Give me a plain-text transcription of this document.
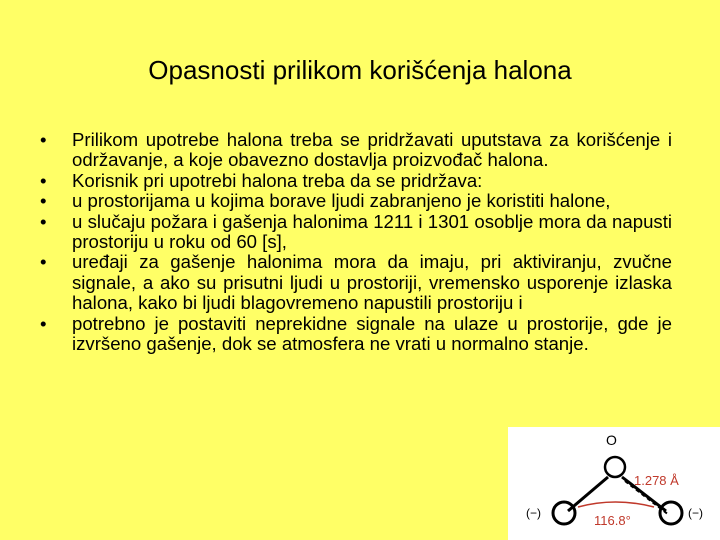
Opasnosti prilikom korišćenja halona
•	Prilikom upotrebe halona treba se pridržavati uputstava za korišćenje i održavanje, a koje obavezno dostavlja proizvođač halona.
•	Korisnik pri upotrebi halona treba da se pridržava:
•	u prostorijama u kojima borave ljudi zabranjeno je koristiti halone,
•	u slučaju požara i gašenja halonima 1211 i 1301 osoblje mora da napusti prostoriju u roku od 60 [s],
•	uređaji za gašenje halonima mora da imaju, pri aktiviranju, zvučne signale, a ako su prisutni ljudi u prostoriji, vremensko usporenje izlaska halona, kako bi ljudi blagovremeno napustili prostoriju i
•	potrebno je postaviti neprekidne signale na ulaze u prostorije, gde je izvršeno gašenje, dok se atmosfera ne vrati u normalno stanje.
O
1.278 Å
116.8°
(−)	(−)
